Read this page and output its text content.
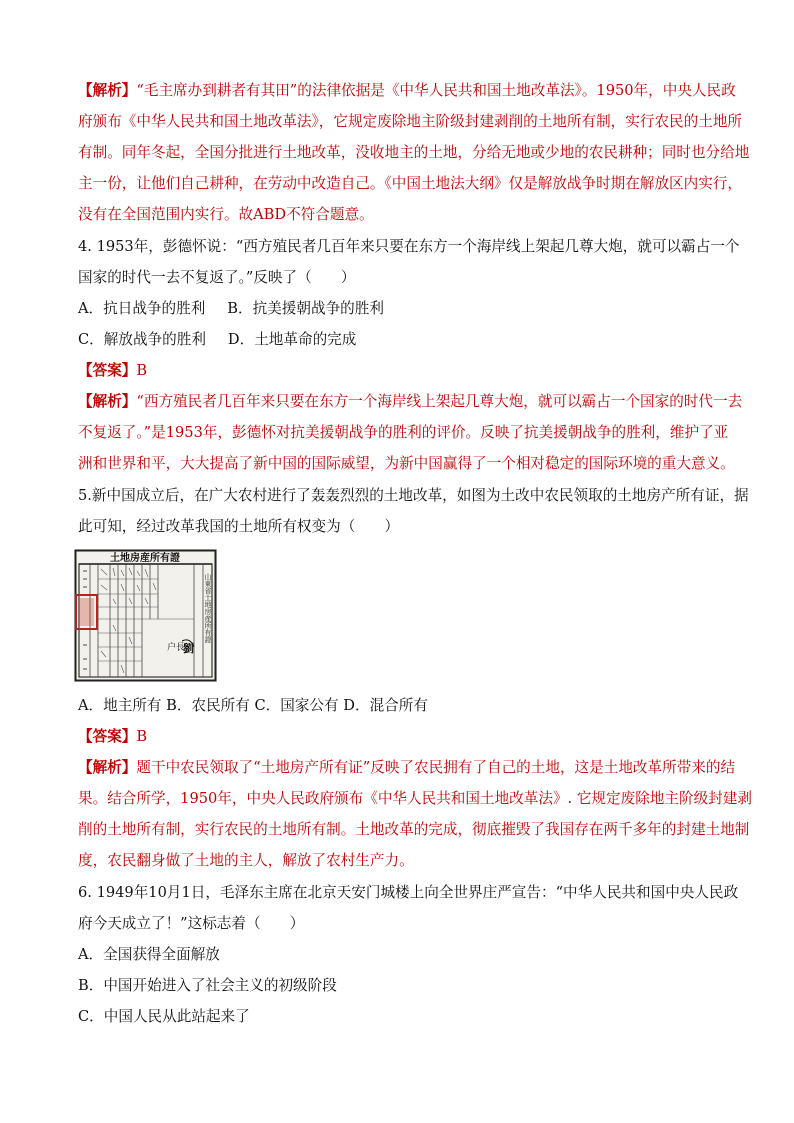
【解析】“毛主席办到耕者有其田”的法律依据是《中华人民共和国土地改革法》。1950年，中央人民政
府颁布《中华人民共和国土地改革法》，它规定废除地主阶级封建剥削的土地所有制，实行农民的土地所
有制。同年冬起，全国分批进行土地改革，没收地主的土地，分给无地或少地的农民耕种；同时也分给地
主一份，让他们自己耕种，在劳动中改造自己。《中国土地法大纲》仅是解放战争时期在解放区内实行，
没有在全国范围内实行。故ABD不符合题意。
4. 1953年，彭德怀说：“西方殖民者几百年来只要在东方一个海岸线上架起几尊大炮，就可以霸占一个
国家的时代一去不复返了。”反映了（　　）
A．抗日战争的胜利 B．抗美援朝战争的胜利
C．解放战争的胜利 D．土地革命的完成
【答案】B
【解析】“西方殖民者几百年来只要在东方一个海岸线上架起几尊大炮，就可以霸占一个国家的时代一去
不复返了。”是1953年，彭德怀对抗美援朝战争的胜利的评价。反映了抗美援朝战争的胜利，维护了亚
洲和世界和平，大大提高了新中国的国际威望，为新中国赢得了一个相对稳定的国际环境的重大意义。
5.新中国成立后，在广大农村进行了轰轰烈烈的土地改革，如图为土改中农民领取的土地房产所有证，据
此可知，经过改革我国的土地所有权变为（　　）
土地房産所有證
山東省土地房産所有證
户長
劉
A．地主所有 B．农民所有 C．国家公有 D．混合所有
【答案】B
【解析】题干中农民领取了“土地房产所有证”反映了农民拥有了自己的土地，这是土地改革所带来的结
果。结合所学，1950年，中央人民政府颁布《中华人民共和国土地改革法》. 它规定废除地主阶级封建剥
削的土地所有制，实行农民的土地所有制。土地改革的完成，彻底摧毁了我国存在两千多年的封建土地制
度，农民翻身做了土地的主人，解放了农村生产力。
6. 1949年10月1日，毛泽东主席在北京天安门城楼上向全世界庄严宣告：“中华人民共和国中央人民政
府今天成立了！”这标志着（　　）
A．全国获得全面解放
B．中国开始进入了社会主义的初级阶段
C．中国人民从此站起来了
